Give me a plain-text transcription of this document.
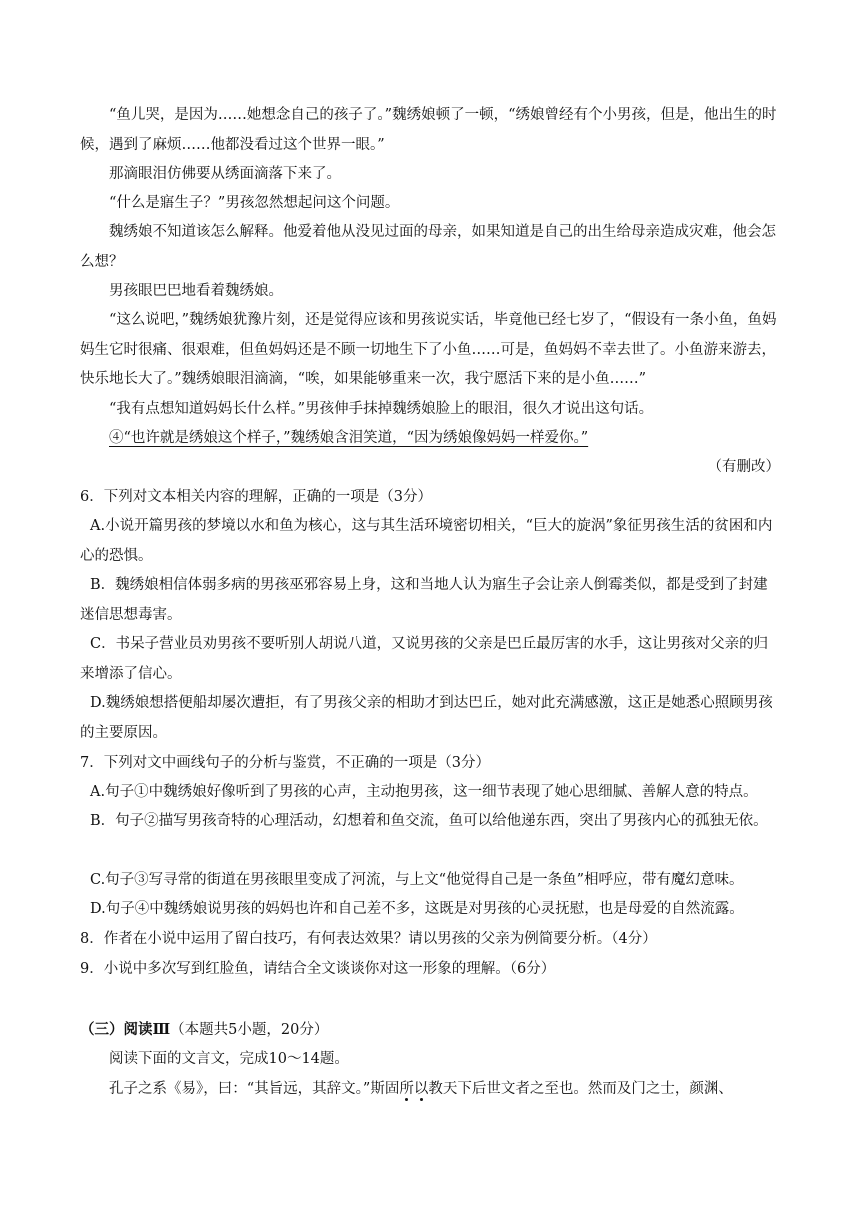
“鱼儿哭，是因为……她想念自己的孩子了。”魏绣娘顿了一顿，“绣娘曾经有个小男孩，但是，他出生的时候，遇到了麻烦……他都没看过这个世界一眼。”

那滴眼泪仿佛要从绣面滴落下来了。

“什么是寤生子？”男孩忽然想起问这个问题。

魏绣娘不知道该怎么解释。他爱着他从没见过面的母亲，如果知道是自己的出生给母亲造成灾难，他会怎么想？

男孩眼巴巴地看着魏绣娘。

“这么说吧，”魏绣娘犹豫片刻，还是觉得应该和男孩说实话，毕竟他已经七岁了，“假设有一条小鱼，鱼妈妈生它时很痛、很艰难，但鱼妈妈还是不顾一切地生下了小鱼……可是，鱼妈妈不幸去世了。小鱼游来游去，快乐地长大了。”魏绣娘眼泪滴滴，“唉，如果能够重来一次，我宁愿活下来的是小鱼……”

“我有点想知道妈妈长什么样。”男孩伸手抹掉魏绣娘脸上的眼泪，很久才说出这句话。

④“也许就是绣娘这个样子，”魏绣娘含泪笑道，“因为绣娘像妈妈一样爱你。”

（有删改）

6．下列对文本相关内容的理解，正确的一项是（3分）

A.小说开篇男孩的梦境以水和鱼为核心，这与其生活环境密切相关，“巨大的旋涡”象征男孩生活的贫困和内心的恐惧。

B．魏绣娘相信体弱多病的男孩巫邪容易上身，这和当地人认为寤生子会让亲人倒霉类似，都是受到了封建迷信思想毒害。

C．书呆子营业员劝男孩不要听别人胡说八道，又说男孩的父亲是巴丘最厉害的水手，这让男孩对父亲的归来增添了信心。

D.魏绣娘想搭便船却屡次遭拒，有了男孩父亲的相助才到达巴丘，她对此充满感激，这正是她悉心照顾男孩的主要原因。

7．下列对文中画线句子的分析与鉴赏，不正确的一项是（3分）

A.句子①中魏绣娘好像听到了男孩的心声，主动抱男孩，这一细节表现了她心思细腻、善解人意的特点。

B．句子②描写男孩奇特的心理活动，幻想着和鱼交流，鱼可以给他递东西，突出了男孩内心的孤独无依。

C.句子③写寻常的街道在男孩眼里变成了河流，与上文“他觉得自己是一条鱼”相呼应，带有魔幻意味。

D.句子④中魏绣娘说男孩的妈妈也许和自己差不多，这既是对男孩的心灵抚慰，也是母爱的自然流露。

8．作者在小说中运用了留白技巧，有何表达效果？请以男孩的父亲为例简要分析。（4分）

9．小说中多次写到红脸鱼，请结合全文谈谈你对这一形象的理解。（6分）

（三）阅读Ⅲ（本题共5小题，20分）

阅读下面的文言文，完成10～14题。

孔子之系《易》，曰：“其旨远，其辞文。”斯固所以教天下后世文者之至也。然而及门之士，颜渊、
